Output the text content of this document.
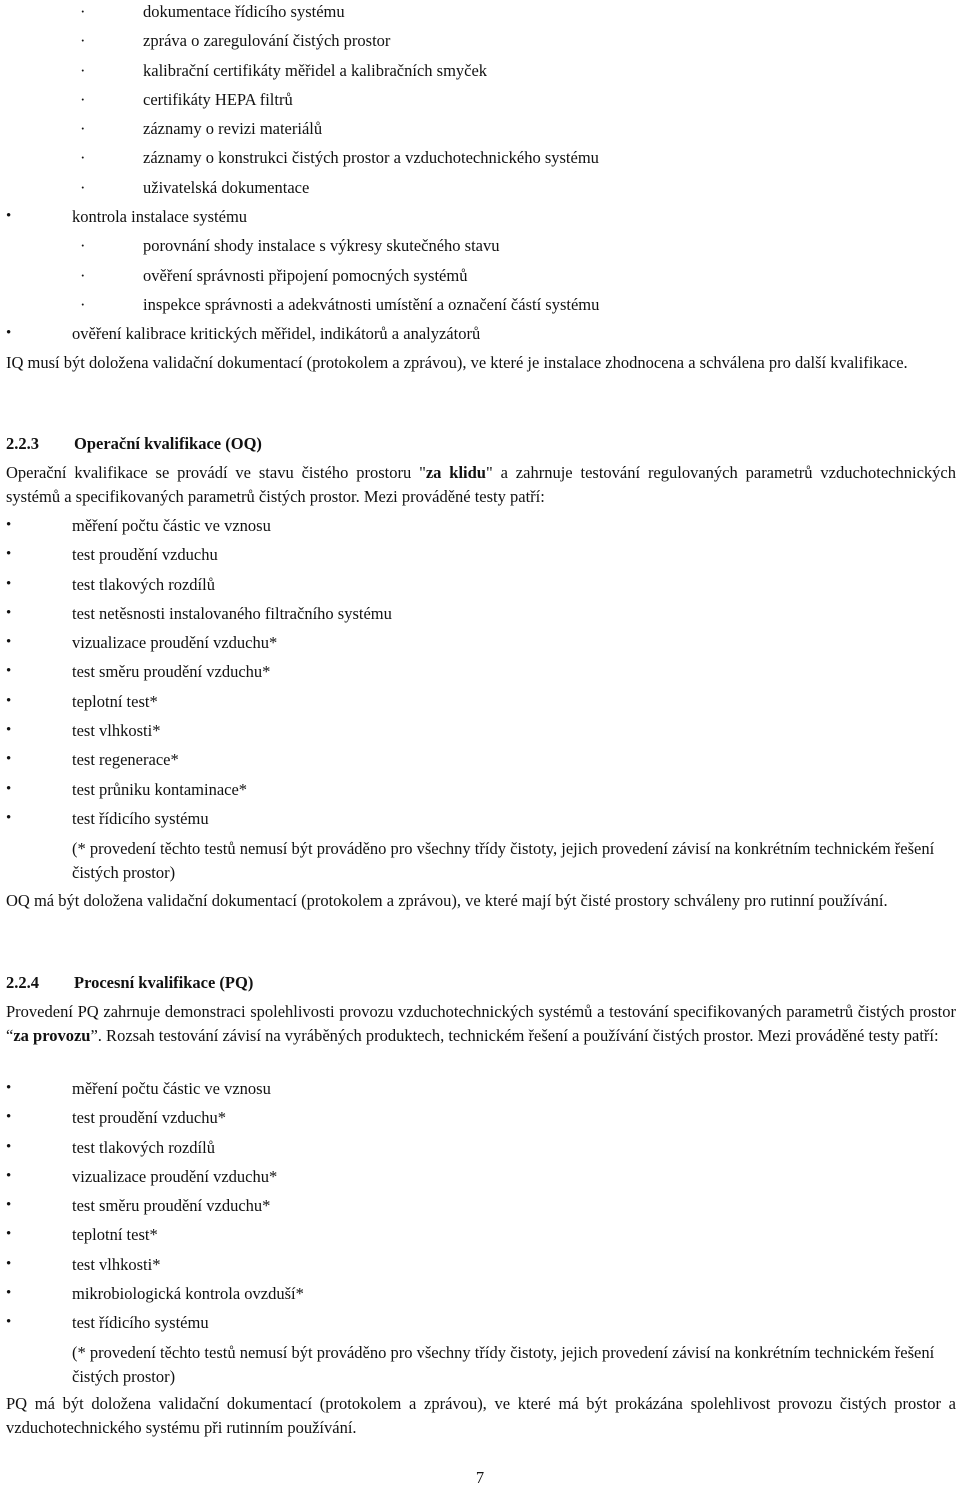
·	dokumentace řídicího systému
·	zpráva o zaregulování čistých prostor
·	kalibrační certifikáty měřidel a kalibračních smyček
·	certifikáty HEPA filtrů
·	záznamy o revizi materiálů
·	záznamy o konstrukci čistých prostor a vzduchotechnického systému
·	uživatelská dokumentace
•	kontrola instalace systému
·	porovnání shody instalace s výkresy skutečného stavu
·	ověření správnosti připojení pomocných systémů
·	inspekce správnosti a adekvátnosti umístění a označení částí systému
•	ověření kalibrace kritických měřidel, indikátorů a analyzátorů

IQ musí být doložena validační dokumentací (protokolem a zprávou), ve které je instalace zhodnocena a schválena pro další kvalifikace.

2.2.3 Operační kvalifikace (OQ)

Operační kvalifikace se provádí ve stavu čistého prostoru "za klidu" a zahrnuje testování regulovaných parametrů vzduchotechnických systémů a specifikovaných parametrů čistých prostor. Mezi prováděné testy patří:

•	měření počtu částic ve vznosu
•	test proudění vzduchu
•	test tlakových rozdílů
•	test netěsnosti instalovaného filtračního systému
•	vizualizace proudění vzduchu*
•	test směru proudění vzduchu*
•	teplotní test*
•	test vlhkosti*
•	test regenerace*
•	test průniku kontaminace*
•	test řídicího systému

(* provedení těchto testů nemusí být prováděno pro všechny třídy čistoty, jejich provedení závisí na konkrétním technickém řešení čistých prostor)

OQ má být doložena validační dokumentací (protokolem a zprávou), ve které mají být čisté prostory schváleny pro rutinní používání.

2.2.4 Procesní kvalifikace (PQ)

Provedení PQ zahrnuje demonstraci spolehlivosti provozu vzduchotechnických systémů a testování specifikovaných parametrů čistých prostor “za provozu”. Rozsah testování závisí na vyráběných produktech, technickém řešení a používání čistých prostor. Mezi prováděné testy patří:

•	měření počtu částic ve vznosu
•	test proudění vzduchu*
•	test tlakových rozdílů
•	vizualizace proudění vzduchu*
•	test směru proudění vzduchu*
•	teplotní test*
•	test vlhkosti*
•	mikrobiologická kontrola ovzduší*
•	test řídicího systému

(* provedení těchto testů nemusí být prováděno pro všechny třídy čistoty, jejich provedení závisí na konkrétním technickém řešení čistých prostor)

PQ má být doložena validační dokumentací (protokolem a zprávou), ve které má být prokázána spolehlivost provozu čistých prostor a vzduchotechnického systému při rutinním používání.

7
